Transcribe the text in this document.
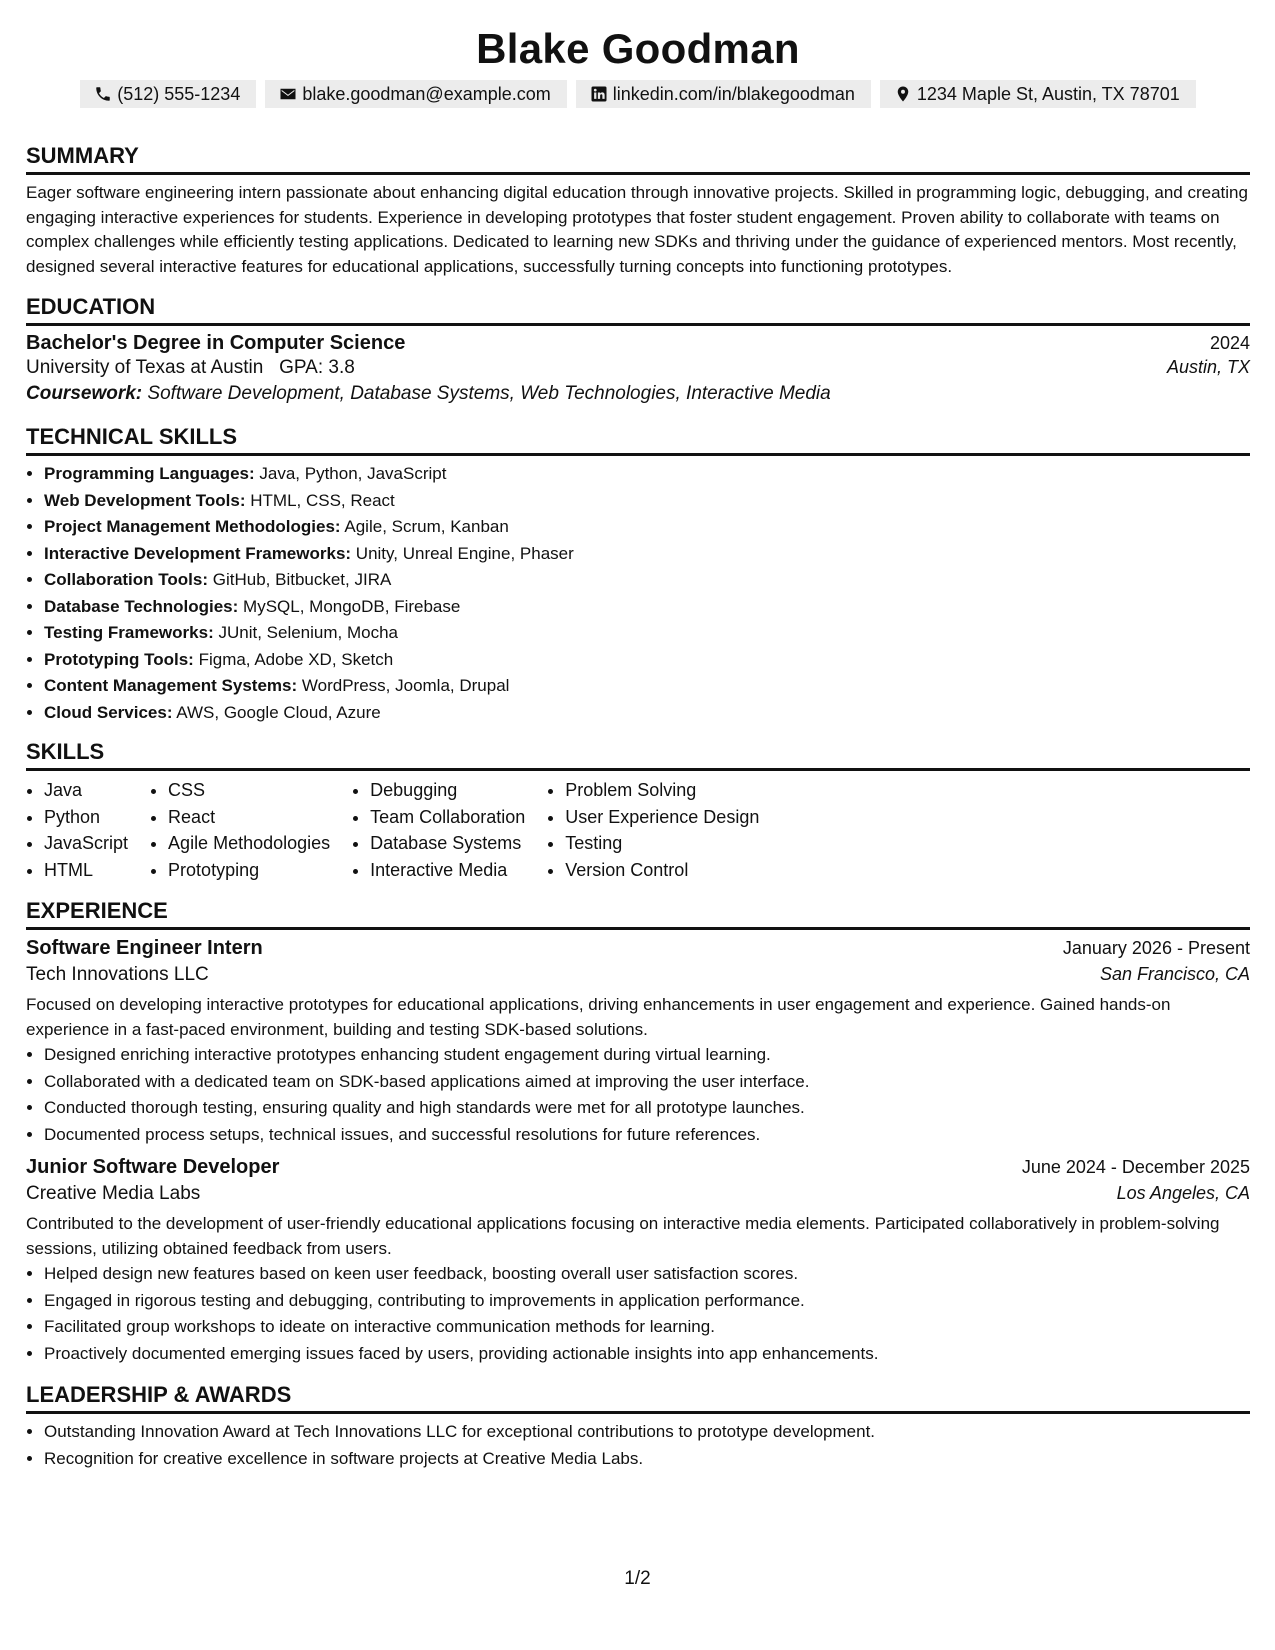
Blake Goodman
(512) 555-1234	blake.goodman@example.com	linkedin.com/in/blakegoodman	1234 Maple St, Austin, TX 78701
SUMMARY

Eager software engineering intern passionate about enhancing digital education through innovative projects. Skilled in programming logic, debugging, and creating engaging interactive experiences for students. Experience in developing prototypes that foster student engagement. Proven ability to collaborate with teams on complex challenges while efficiently testing applications. Dedicated to learning new SDKs and thriving under the guidance of experienced mentors. Most recently, designed several interactive features for educational applications, successfully turning concepts into functioning prototypes.

EDUCATION
Bachelor's Degree in Computer Science	2024
University of Texas at Austin GPA: 3.8	Austin, TX
Coursework: Software Development, Database Systems, Web Technologies, Interactive Media
TECHNICAL SKILLS
• Programming Languages: Java, Python, JavaScript
• Web Development Tools: HTML, CSS, React
• Project Management Methodologies: Agile, Scrum, Kanban
• Interactive Development Frameworks: Unity, Unreal Engine, Phaser
• Collaboration Tools: GitHub, Bitbucket, JIRA
• Database Technologies: MySQL, MongoDB, Firebase
• Testing Frameworks: JUnit, Selenium, Mocha
• Prototyping Tools: Figma, Adobe XD, Sketch
• Content Management Systems: WordPress, Joomla, Drupal
• Cloud Services: AWS, Google Cloud, Azure
SKILLS
• Java
• Python
• JavaScript
• HTML
• CSS
• React
• Agile Methodologies
• Prototyping
• Debugging
• Team Collaboration
• Database Systems
• Interactive Media
• Problem Solving
• User Experience Design
• Testing
• Version Control
EXPERIENCE
Software Engineer Intern	January 2026 - Present
Tech Innovations LLC	San Francisco, CA

Focused on developing interactive prototypes for educational applications, driving enhancements in user engagement and experience. Gained hands-on experience in a fast-paced environment, building and testing SDK-based solutions.

• Designed enriching interactive prototypes enhancing student engagement during virtual learning.
• Collaborated with a dedicated team on SDK-based applications aimed at improving the user interface.
• Conducted thorough testing, ensuring quality and high standards were met for all prototype launches.
• Documented process setups, technical issues, and successful resolutions for future references.
Junior Software Developer	June 2024 - December 2025
Creative Media Labs	Los Angeles, CA

Contributed to the development of user-friendly educational applications focusing on interactive media elements. Participated collaboratively in problem-solving sessions, utilizing obtained feedback from users.

• Helped design new features based on keen user feedback, boosting overall user satisfaction scores.
• Engaged in rigorous testing and debugging, contributing to improvements in application performance.
• Facilitated group workshops to ideate on interactive communication methods for learning.
• Proactively documented emerging issues faced by users, providing actionable insights into app enhancements.
LEADERSHIP & AWARDS
• Outstanding Innovation Award at Tech Innovations LLC for exceptional contributions to prototype development.
• Recognition for creative excellence in software projects at Creative Media Labs.
1/2
